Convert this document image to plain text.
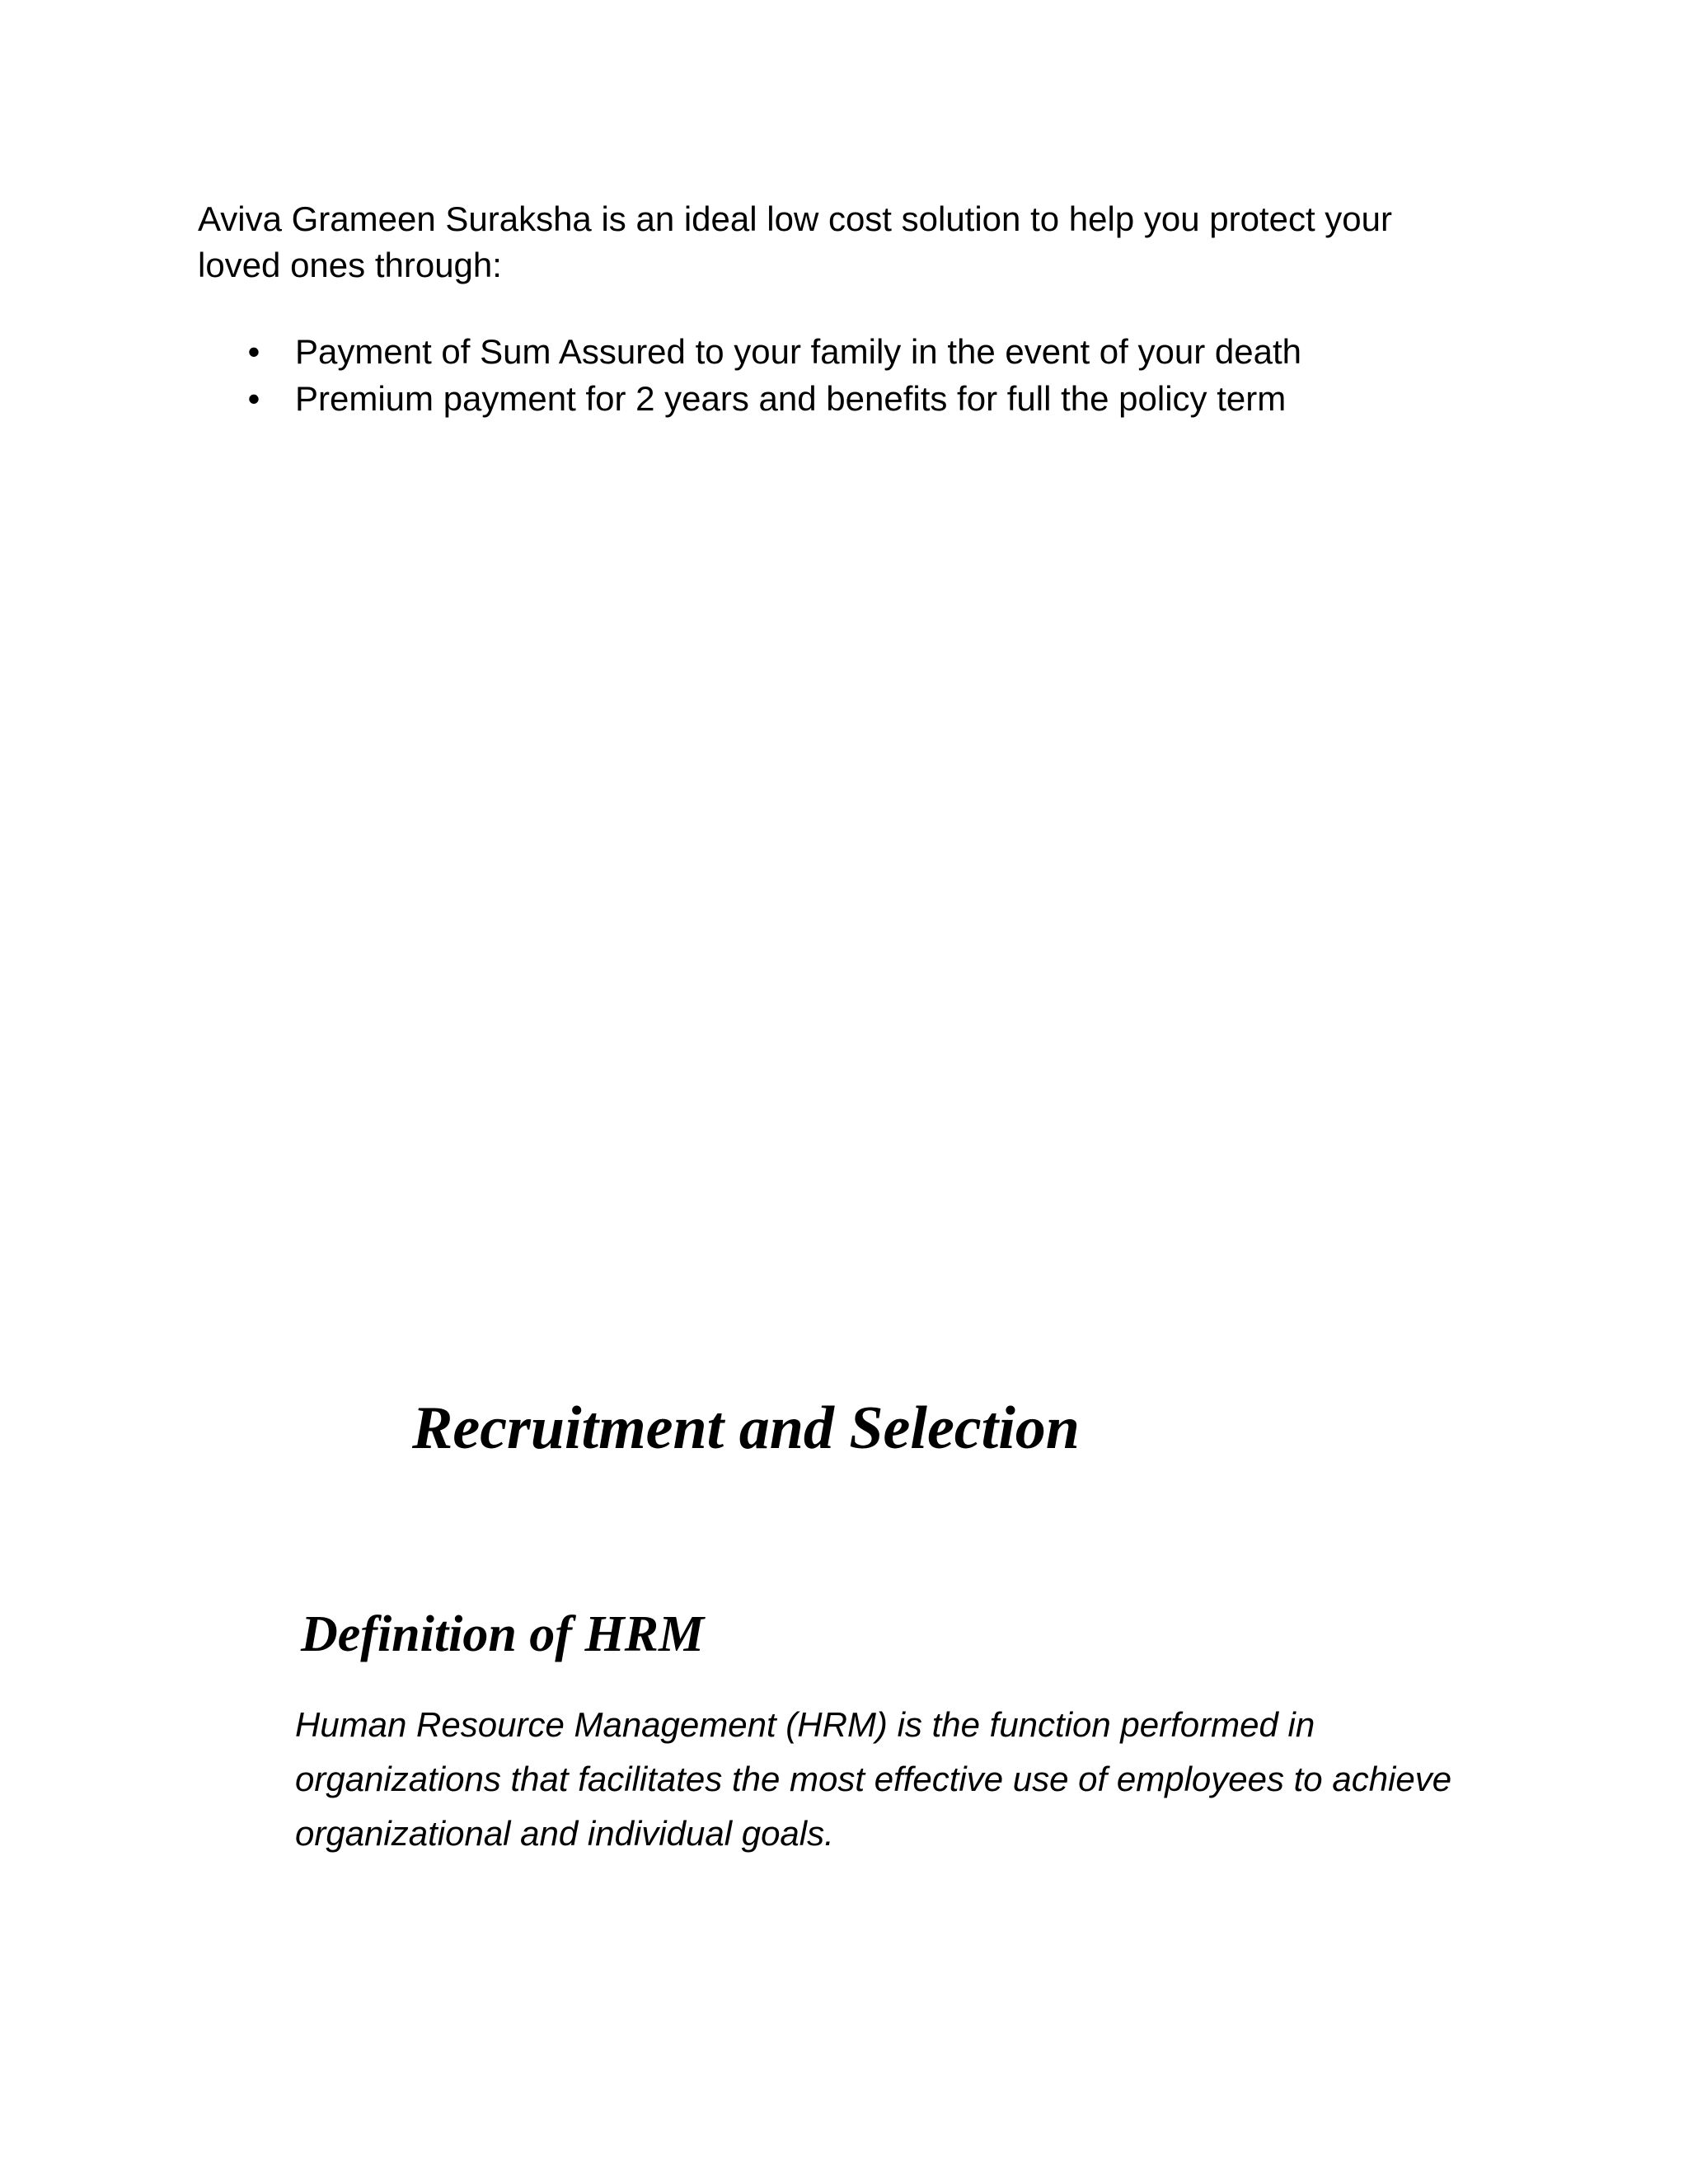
Aviva Grameen Suraksha is an ideal low cost solution to help you protect your
loved ones through:

• Payment of Sum Assured to your family in the event of your death
• Premium payment for 2 years and benefits for full the policy term
Recruitment and Selection
Definition of HRM

Human Resource Management (HRM) is the function performed in
organizations that facilitates the most effective use of employees to achieve
organizational and individual goals.
